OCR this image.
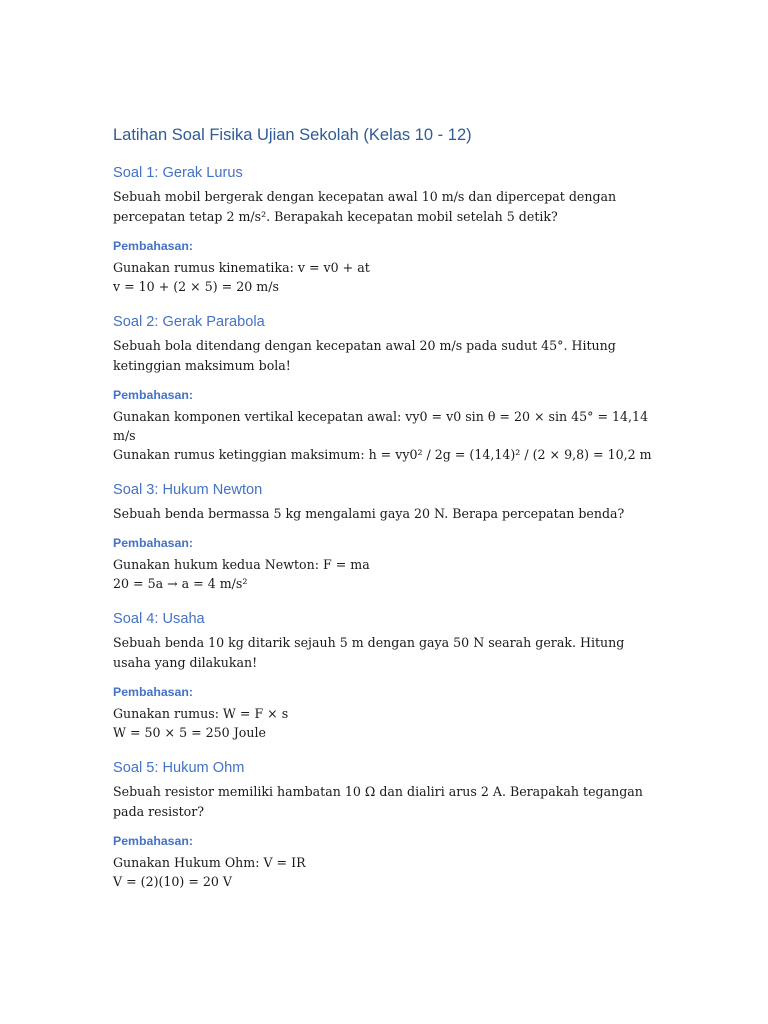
Latihan Soal Fisika Ujian Sekolah (Kelas 10 - 12)
Soal 1: Gerak Lurus

Sebuah mobil bergerak dengan kecepatan awal 10 m/s dan dipercepat dengan percepatan tetap 2 m/s². Berapakah kecepatan mobil setelah 5 detik?

Pembahasan:

Gunakan rumus kinematika: v = v0 + at

v = 10 + (2 × 5) = 20 m/s

Soal 2: Gerak Parabola

Sebuah bola ditendang dengan kecepatan awal 20 m/s pada sudut 45°. Hitung ketinggian maksimum bola!

Pembahasan:

Gunakan komponen vertikal kecepatan awal: vy0 = v0 sin θ = 20 × sin 45° = 14,14 m/s

Gunakan rumus ketinggian maksimum: h = vy0² / 2g = (14,14)² / (2 × 9,8) = 10,2 m

Soal 3: Hukum Newton

Sebuah benda bermassa 5 kg mengalami gaya 20 N. Berapa percepatan benda?

Pembahasan:

Gunakan hukum kedua Newton: F = ma

20 = 5a → a = 4 m/s²

Soal 4: Usaha

Sebuah benda 10 kg ditarik sejauh 5 m dengan gaya 50 N searah gerak. Hitung usaha yang dilakukan!

Pembahasan:

Gunakan rumus: W = F × s

W = 50 × 5 = 250 Joule

Soal 5: Hukum Ohm

Sebuah resistor memiliki hambatan 10 Ω dan dialiri arus 2 A. Berapakah tegangan pada resistor?

Pembahasan:

Gunakan Hukum Ohm: V = IR

V = (2)(10) = 20 V
